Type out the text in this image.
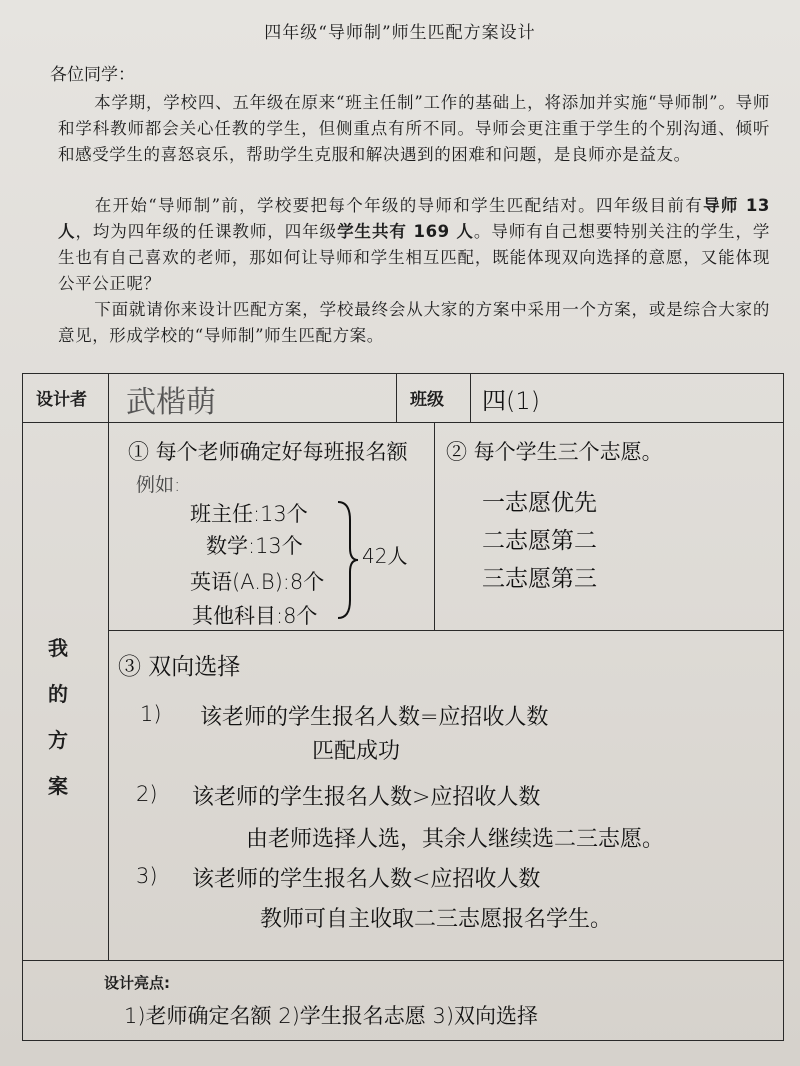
四年级“导师制”师生匹配方案设计
各位同学：

本学期，学校四、五年级在原来“班主任制”工作的基础上，将添加并实施“导师制”。导师和学科教师都会关心任教的学生，但侧重点有所不同。导师会更注重于学生的个别沟通、倾听和感受学生的喜怒哀乐，帮助学生克服和解决遇到的困难和问题，是良师亦是益友。

在开始“导师制”前，学校要把每个年级的导师和学生匹配结对。四年级目前有导师 13 人，均为四年级的任课教师，四年级学生共有 169 人。导师有自己想要特别关注的学生，学生也有自己喜欢的老师，那如何让导师和学生相互匹配，既能体现双向选择的意愿，又能体现公平公正呢？

下面就请你来设计匹配方案，学校最终会从大家的方案中采用一个方案，或是综合大家的意见，形成学校的“导师制”师生匹配方案。

设计者 武楷萌	班级 四(1)
我
的
方
案
① 每个老师确定好每班报名额
例如:
班主任:13个
数学:13个
英语(A.B):8个
其他科目:8个
42人
② 每个学生三个志愿。
一志愿优先
二志愿第二
三志愿第三
③ 双向选择
1) 该老师的学生报名人数=应招收人数
匹配成功
2) 该老师的学生报名人数>应招收人数
由老师选择人选，其余人继续选二三志愿。
3) 该老师的学生报名人数<应招收人数
教师可自主收取二三志愿报名学生。
设计亮点:
1)老师确定名额 2)学生报名志愿 3)双向选择
